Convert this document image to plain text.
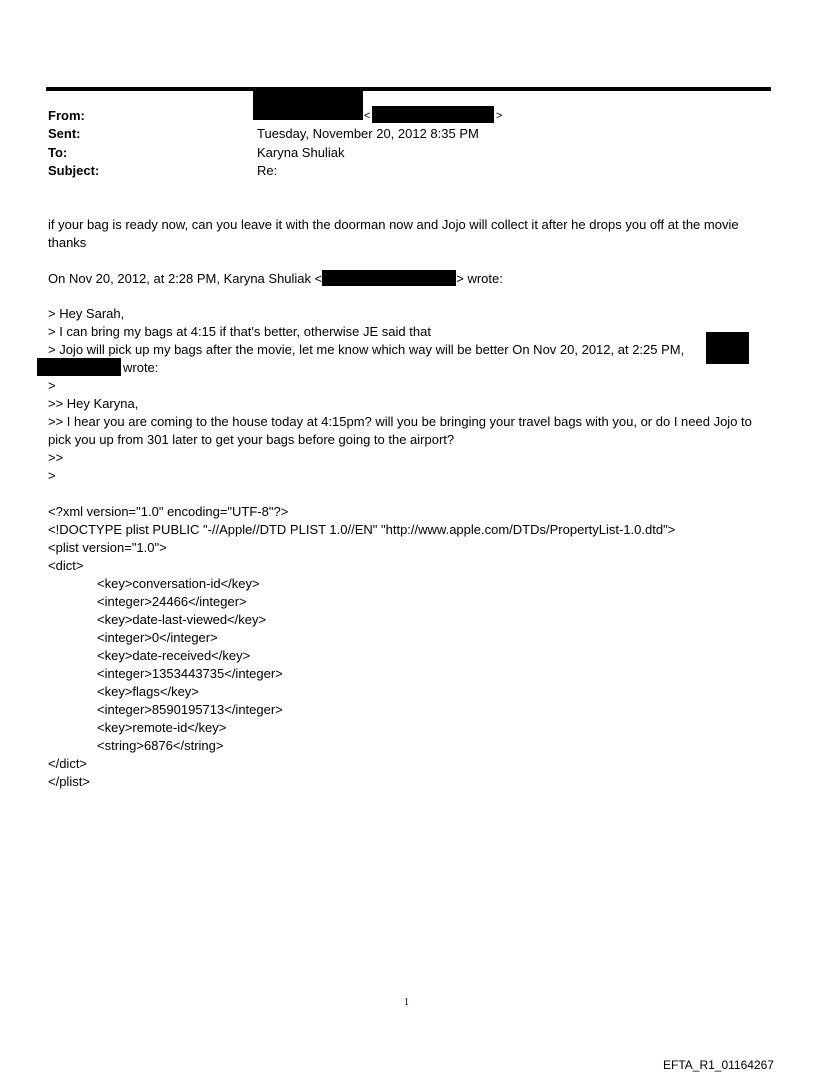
From:	<	>
Sent:	Tuesday, November 20, 2012 8:35 PM
To:	Karyna Shuliak
Subject:	Re:
if your bag is ready now, can you leave it with the doorman now and Jojo will collect it after he drops you off at the movie thanks
On Nov 20, 2012, at 2:28 PM, Karyna Shuliak <	> wrote:
> Hey Sarah,
> I can bring my bags at 4:15 if that's better, otherwise JE said that
> Jojo will pick up my bags after the movie, let me know which way will be better On Nov 20, 2012, at 2:25 PM,
wrote:
>
>> Hey Karyna,
>> I hear you are coming to the house today at 4:15pm? will you be bringing your travel bags with you, or do I need Jojo to pick you up from 301 later to get your bags before going to the airport?
>>
>
<?xml version="1.0" encoding="UTF-8"?>
<!DOCTYPE plist PUBLIC "-//Apple//DTD PLIST 1.0//EN" "http://www.apple.com/DTDs/PropertyList-1.0.dtd">
<plist version="1.0">
<dict>
<key>conversation-id</key>
<integer>24466</integer>
<key>date-last-viewed</key>
<integer>0</integer>
<key>date-received</key>
<integer>1353443735</integer>
<key>flags</key>
<integer>8590195713</integer>
<key>remote-id</key>
<string>6876</string>
</dict>
</plist>
1
EFTA_R1_01164267
